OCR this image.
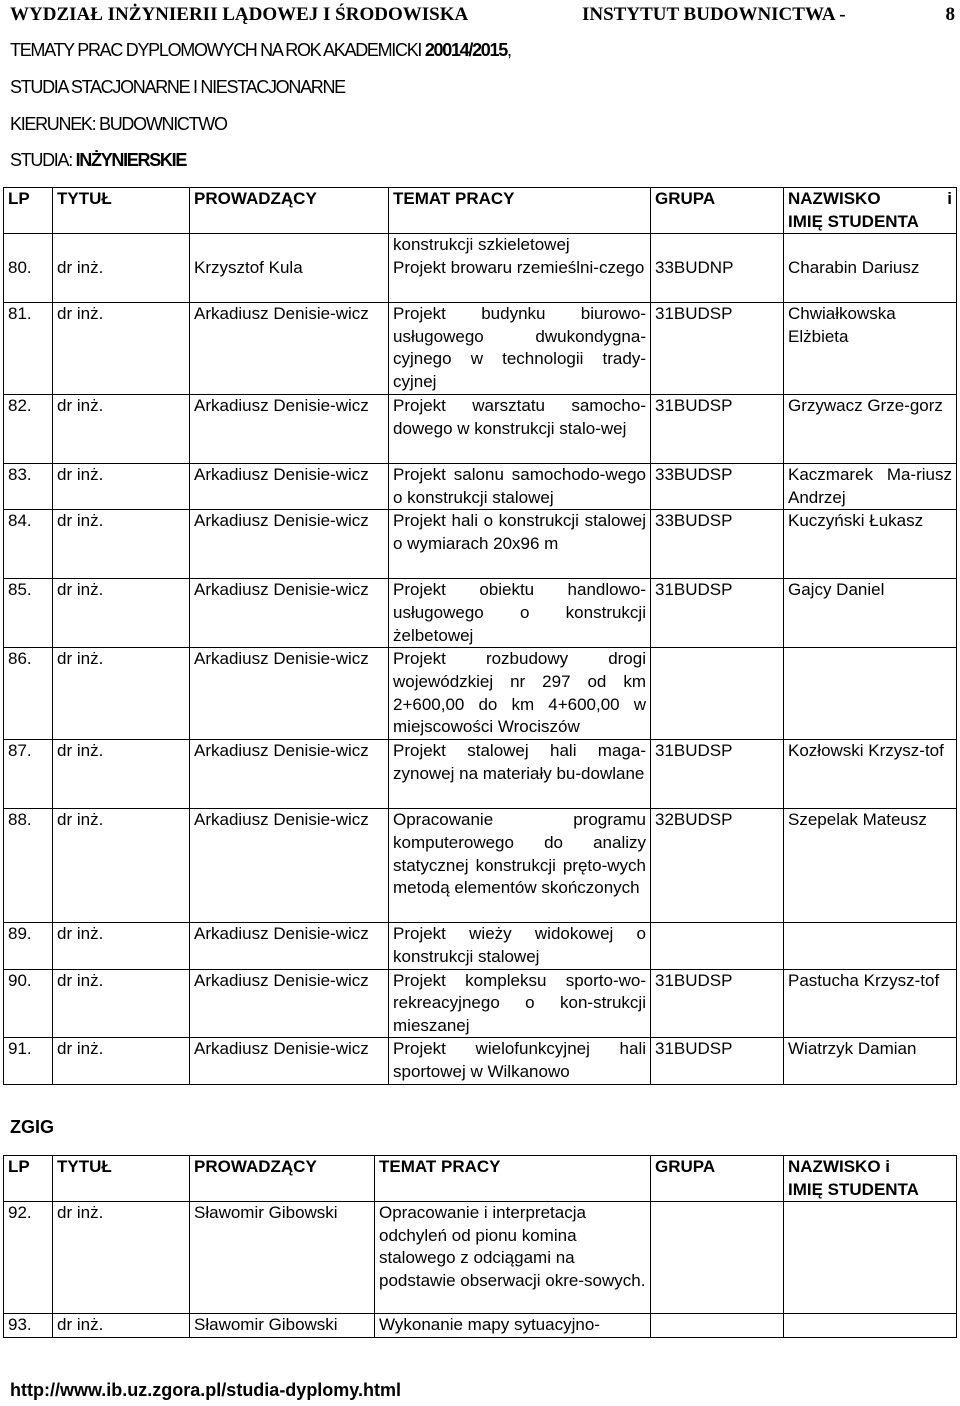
WYDZIAŁ INŻYNIERII LĄDOWEJ I ŚRODOWISKA	INSTYTUT BUDOWNICTWA -	8
TEMATY PRAC DYPLOMOWYCH NA ROK AKADEMICKI 20014/2015,
STUDIA STACJONARNE I NIESTACJONARNE
KIERUNEK: BUDOWNICTWO
STUDIA: INŻYNIERSKIE
LP	TYTUŁ	PROWADZĄCY	TEMAT PRACY	GRUPA	NAZWISKO i
IMIĘ STUDENTA

			konstrukcji szkieletowej		
80.	dr inż.	Krzysztof Kula	Projekt browaru rzemieślni-czego	33BUDNP	Charabin Dariusz
81.	dr inż.	Arkadiusz Denisie-wicz	Projekt budynku biurowo-usługowego dwukondygna-cyjnego w technologii trady-cyjnej	31BUDSP	Chwiałkowska Elżbieta
82.	dr inż.	Arkadiusz Denisie-wicz	Projekt warsztatu samocho-dowego w konstrukcji stalo-wej	31BUDSP	Grzywacz Grze-gorz
83.	dr inż.	Arkadiusz Denisie-wicz	Projekt salonu samochodo-wego o konstrukcji stalowej	33BUDSP	Kaczmarek Ma-riusz Andrzej
84.	dr inż.	Arkadiusz Denisie-wicz	Projekt hali o konstrukcji stalowej o wymiarach 20x96 m	33BUDSP	Kuczyński Łukasz
85.	dr inż.	Arkadiusz Denisie-wicz	Projekt obiektu handlowo-usługowego o konstrukcji żelbetowej	31BUDSP	Gajcy Daniel
86.	dr inż.	Arkadiusz Denisie-wicz	Projekt rozbudowy drogi wojewódzkiej nr 297 od km 2+600,00 do km 4+600,00 w miejscowości Wrociszów		
87.	dr inż.	Arkadiusz Denisie-wicz	Projekt stalowej hali maga-zynowej na materiały bu-dowlane	31BUDSP	Kozłowski Krzysz-tof
88.	dr inż.	Arkadiusz Denisie-wicz	Opracowanie programu komputerowego do analizy statycznej konstrukcji pręto-wych metodą elementów skończonych	32BUDSP	Szepelak Mateusz
89.	dr inż.	Arkadiusz Denisie-wicz	Projekt wieży widokowej o konstrukcji stalowej		
90.	dr inż.	Arkadiusz Denisie-wicz	Projekt kompleksu sporto-wo-rekreacyjnego o kon-strukcji mieszanej	31BUDSP	Pastucha Krzysz-tof
91.	dr inż.	Arkadiusz Denisie-wicz	Projekt wielofunkcyjnej hali sportowej w Wilkanowo	31BUDSP	Wiatrzyk Damian
ZGIG
LP	TYTUŁ	PROWADZĄCY	TEMAT PRACY	GRUPA	NAZWISKO i
IMIĘ STUDENTA

92.	dr inż.	Sławomir Gibowski	Opracowanie i interpretacja odchyleń od pionu komina stalowego z odciągami na podstawie obserwacji okre-sowych.		
93.	dr inż.	Sławomir Gibowski	Wykonanie mapy sytuacyjno-		
http://www.ib.uz.zgora.pl/studia-dyplomy.html
